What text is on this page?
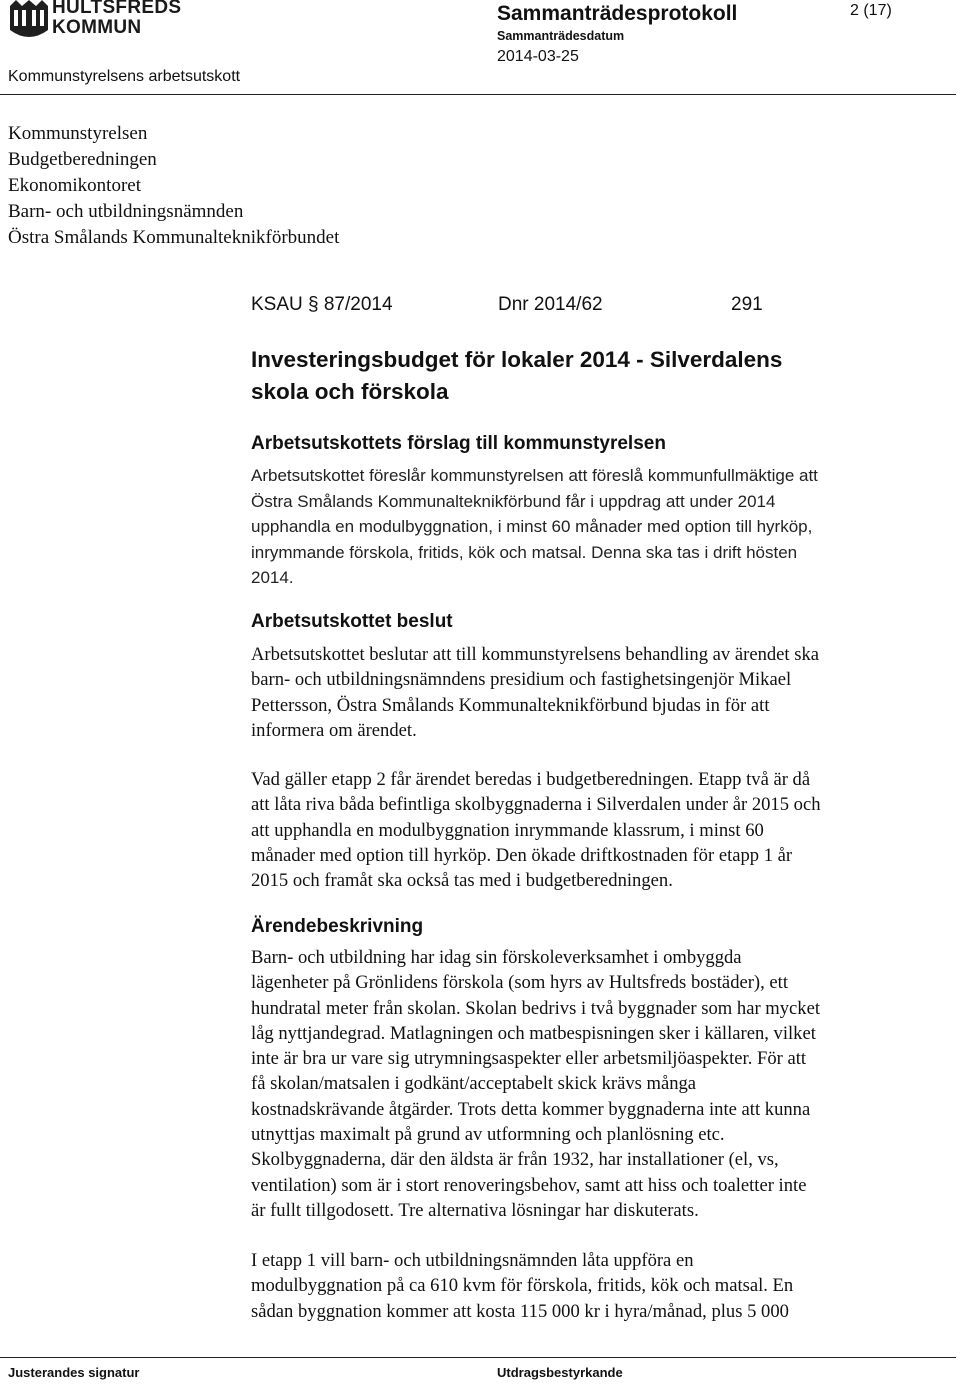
HULTSFREDS
KOMMUN
Sammanträdesprotokoll
Sammanträdesdatum
2014-03-25
2 (17)
Kommunstyrelsens arbetsutskott
Kommunstyrelsen
Budgetberedningen
Ekonomikontoret
Barn- och utbildningsnämnden
Östra Smålands Kommunalteknikförbundet
KSAU § 87/2014	Dnr 2014/62	291
Investeringsbudget för lokaler 2014 - Silverdalens
skola och förskola
Arbetsutskottets förslag till kommunstyrelsen
Arbetsutskottet föreslår kommunstyrelsen att föreslå kommunfullmäktige att
Östra Smålands Kommunalteknikförbund får i uppdrag att under 2014
upphandla en modulbyggnation, i minst 60 månader med option till hyrköp,
inrymmande förskola, fritids, kök och matsal. Denna ska tas i drift hösten
2014.
Arbetsutskottet beslut
Arbetsutskottet beslutar att till kommunstyrelsens behandling av ärendet ska
barn- och utbildningsnämndens presidium och fastighetsingenjör Mikael
Pettersson, Östra Smålands Kommunalteknikförbund bjudas in för att
informera om ärendet.
Vad gäller etapp 2 får ärendet beredas i budgetberedningen. Etapp två är då
att låta riva båda befintliga skolbyggnaderna i Silverdalen under år 2015 och
att upphandla en modulbyggnation inrymmande klassrum, i minst 60
månader med option till hyrköp. Den ökade driftkostnaden för etapp 1 år
2015 och framåt ska också tas med i budgetberedningen.
Ärendebeskrivning
Barn- och utbildning har idag sin förskoleverksamhet i ombyggda
lägenheter på Grönlidens förskola (som hyrs av Hultsfreds bostäder), ett
hundratal meter från skolan. Skolan bedrivs i två byggnader som har mycket
låg nyttjandegrad. Matlagningen och matbespisningen sker i källaren, vilket
inte är bra ur vare sig utrymningsaspekter eller arbetsmiljöaspekter. För att
få skolan/matsalen i godkänt/acceptabelt skick krävs många
kostnadskrävande åtgärder. Trots detta kommer byggnaderna inte att kunna
utnyttjas maximalt på grund av utformning och planlösning etc.
Skolbyggnaderna, där den äldsta är från 1932, har installationer (el, vs,
ventilation) som är i stort renoveringsbehov, samt att hiss och toaletter inte
är fullt tillgodosett. Tre alternativa lösningar har diskuterats.
I etapp 1 vill barn- och utbildningsnämnden låta uppföra en
modulbyggnation på ca 610 kvm för förskola, fritids, kök och matsal. En
sådan byggnation kommer att kosta 115 000 kr i hyra/månad, plus 5 000
Justerandes signatur	Utdragsbestyrkande
